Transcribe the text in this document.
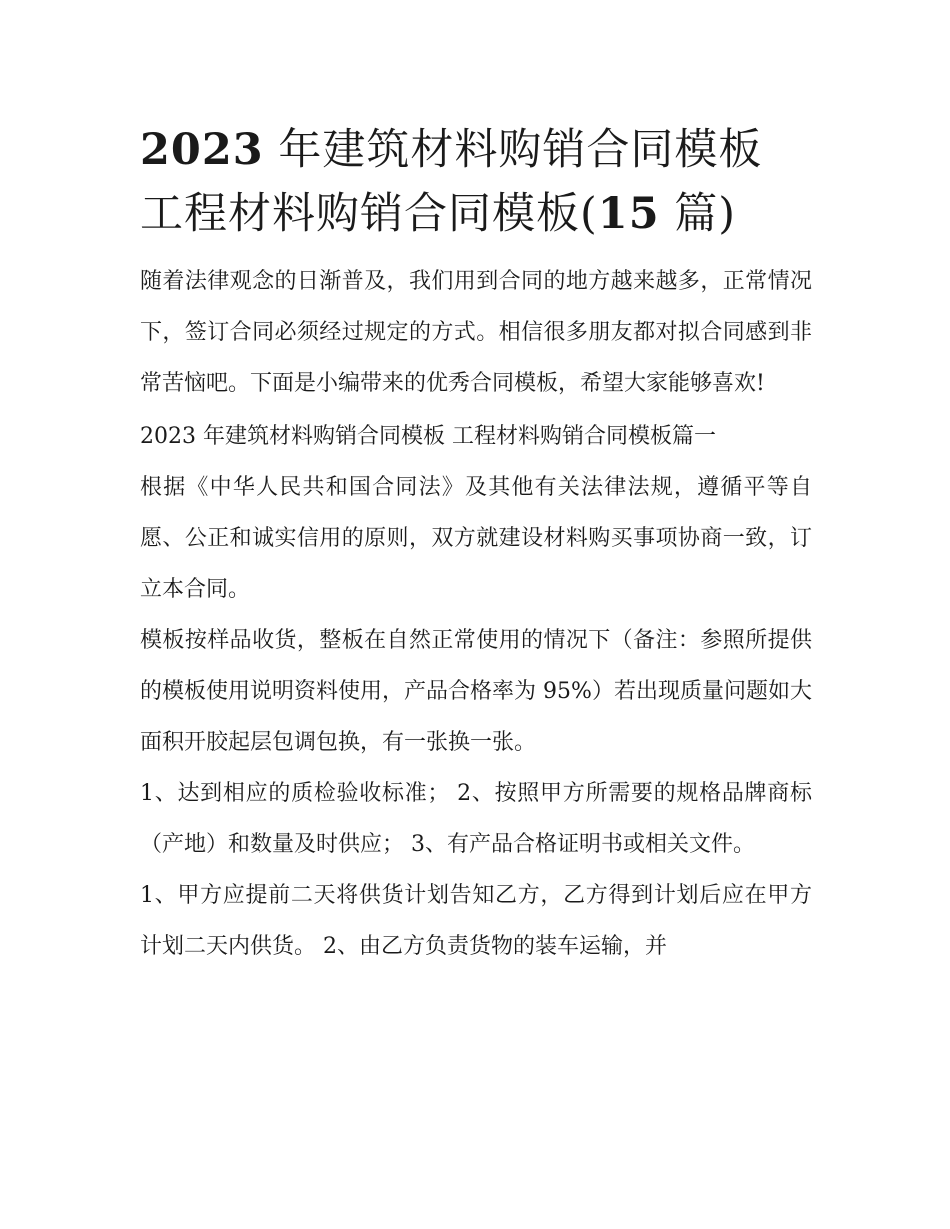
2023 年建筑材料购销合同模板
工程材料购销合同模板(15 篇)

随着法律观念的日渐普及，我们用到合同的地方越来越多，正常情况下，签订合同必须经过规定的方式。相信很多朋友都对拟合同感到非常苦恼吧。下面是小编带来的优秀合同模板，希望大家能够喜欢!

2023 年建筑材料购销合同模板 工程材料购销合同模板篇一

根据《中华人民共和国合同法》及其他有关法律法规，遵循平等自愿、公正和诚实信用的原则，双方就建设材料购买事项协商一致，订立本合同。

模板按样品收货，整板在自然正常使用的情况下（备注：参照所提供的模板使用说明资料使用，产品合格率为 95%）若出现质量问题如大面积开胶起层包调包换，有一张换一张。

1、达到相应的质检验收标准； 2、按照甲方所需要的规格品牌商标（产地）和数量及时供应； 3、有产品合格证明书或相关文件。

1、甲方应提前二天将供货计划告知乙方，乙方得到计划后应在甲方计划二天内供货。 2、由乙方负责货物的装车运输，并
